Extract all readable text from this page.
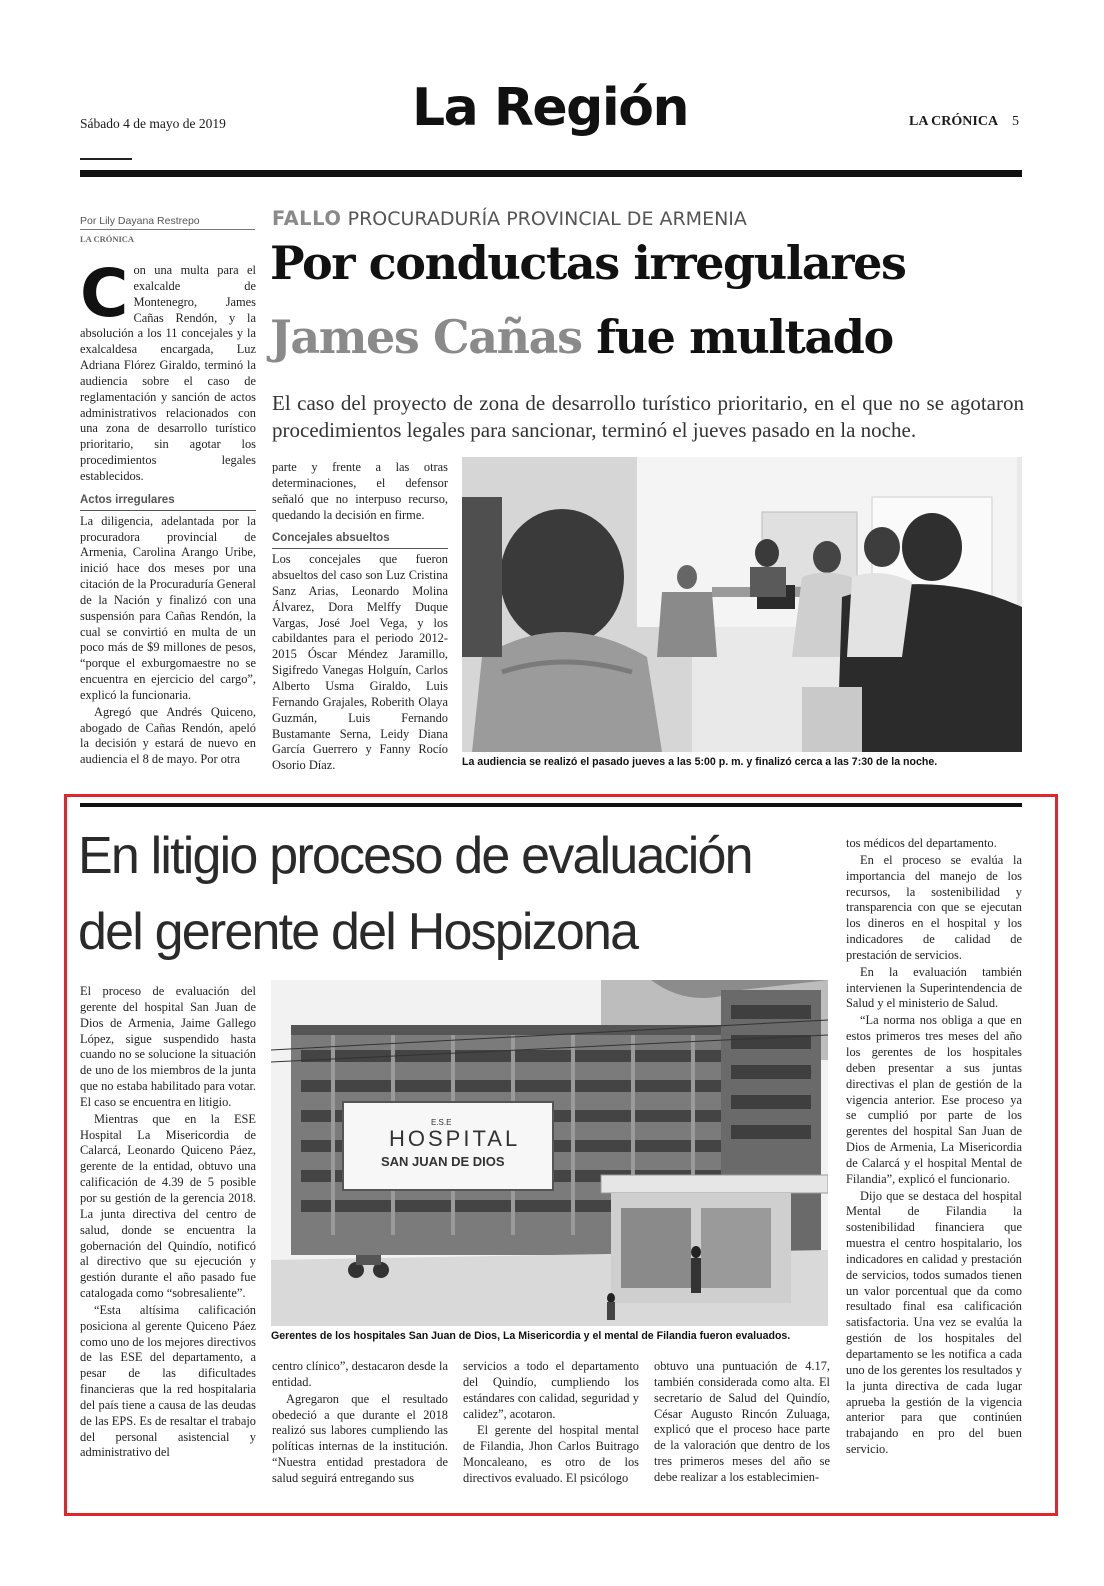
Sábado 4 de mayo de 2019	La Región	LA CRÓNICA 5
Por Lily Dayana Restrepo
LA CRÓNICA
FALLO PROCURADURÍA PROVINCIAL DE ARMENIA
Por conductas irregulares
James Cañas fue multado
El caso del proyecto de zona de desarrollo turístico prioritario, en el que no se agotaron procedimientos legales para sancionar, terminó el jueves pasado en la noche.

Con una multa para el exalcalde de Montenegro, James Cañas Rendón, y la absolución a los 11 concejales y la exalcaldesa encargada, Luz Adriana Flórez Giraldo, terminó la audiencia sobre el caso de reglamentación y sanción de actos administrativos relacionados con una zona de desarrollo turístico prioritario, sin agotar los procedimientos legales establecidos.

Actos irregulares

La diligencia, adelantada por la procuradora provincial de Armenia, Carolina Arango Uribe, inició hace dos meses por una citación de la Procuraduría General de la Nación y finalizó con una suspensión para Cañas Rendón, la cual se convirtió en multa de un poco más de $9 millones de pesos, “porque el exburgomaestre no se encuentra en ejercicio del cargo”, explicó la funcionaria.

Agregó que Andrés Quiceno, abogado de Cañas Rendón, apeló la decisión y estará de nuevo en audiencia el 8 de mayo. Por otra

parte y frente a las otras determinaciones, el defensor señaló que no interpuso recurso, quedando la decisión en firme.

Concejales absueltos

Los concejales que fueron absueltos del caso son Luz Cristina Sanz Arias, Leonardo Molina Álvarez, Dora Melffy Duque Vargas, José Joel Vega, y los cabildantes para el periodo 2012-2015 Óscar Méndez Jaramillo, Sigifredo Vanegas Holguín, Carlos Alberto Usma Giraldo, Luis Fernando Grajales, Roberith Olaya Guzmán, Luis Fernando Bustamante Serna, Leidy Diana García Guerrero y Fanny Rocío Osorio Díaz.	La audiencia se realizó el pasado jueves a las 5:00 p. m. y finalizó cerca a las 7:30 de la noche.
En litigio proceso de evaluación
del gerente del Hospizona

El proceso de evaluación del gerente del hospital San Juan de Dios de Armenia, Jaime Gallego López, sigue suspendido hasta cuando no se solucione la situación de uno de los miembros de la junta que no estaba habilitado para votar. El caso se encuentra en litigio.

Mientras que en la ESE Hospital La Misericordia de Calarcá, Leonardo Quiceno Páez, gerente de la entidad, obtuvo una calificación de 4.39 de 5 posible por su gestión de la gerencia 2018. La junta directiva del centro de salud, donde se encuentra la gobernación del Quindío, notificó al directivo que su ejecución y gestión durante el año pasado fue catalogada como “sobresaliente”.

“Esta altísima calificación posiciona al gerente Quiceno Páez como uno de los mejores directivos de las ESE del departamento, a pesar de las dificultades financieras que la red hospitalaria del país tiene a causa de las deudas de las EPS. Es de resaltar el trabajo del personal asistencial y administrativo del

E.S.E
HOSPITAL
SAN JUAN DE DIOS
Gerentes de los hospitales San Juan de Dios, La Misericordia y el mental de Filandia fueron evaluados.

centro clínico”, destacaron desde la entidad.

Agregaron que el resultado obedeció a que durante el 2018 realizó sus labores cumpliendo las políticas internas de la institución. “Nuestra entidad prestadora de salud seguirá entregando sus

servicios a todo el departamento del Quindío, cumpliendo los estándares con calidad, seguridad y calidez”, acotaron.

El gerente del hospital mental de Filandia, Jhon Carlos Buitrago Moncaleano, es otro de los directivos evaluado. El psicólogo

obtuvo una puntuación de 4.17, también considerada como alta. El secretario de Salud del Quindío, César Augusto Rincón Zuluaga, explicó que el proceso hace parte de la valoración que dentro de los tres primeros meses del año se debe realizar a los establecimien-

tos médicos del departamento.

En el proceso se evalúa la importancia del manejo de los recursos, la sostenibilidad y transparencia con que se ejecutan los dineros en el hospital y los indicadores de calidad de prestación de servicios.

En la evaluación también intervienen la Superintendencia de Salud y el ministerio de Salud.

“La norma nos obliga a que en estos primeros tres meses del año los gerentes de los hospitales deben presentar a sus juntas directivas el plan de gestión de la vigencia anterior. Ese proceso ya se cumplió por parte de los gerentes del hospital San Juan de Dios de Armenia, La Misericordia de Calarcá y el hospital Mental de Filandia”, explicó el funcionario.

Dijo que se destaca del hospital Mental de Filandia la sostenibilidad financiera que muestra el centro hospitalario, los indicadores en calidad y prestación de servicios, todos sumados tienen un valor porcentual que da como resultado final esa calificación satisfactoria. Una vez se evalúa la gestión de los hospitales del departamento se les notifica a cada uno de los gerentes los resultados y la junta directiva de cada lugar aprueba la gestión de la vigencia anterior para que continúen trabajando en pro del buen servicio.
